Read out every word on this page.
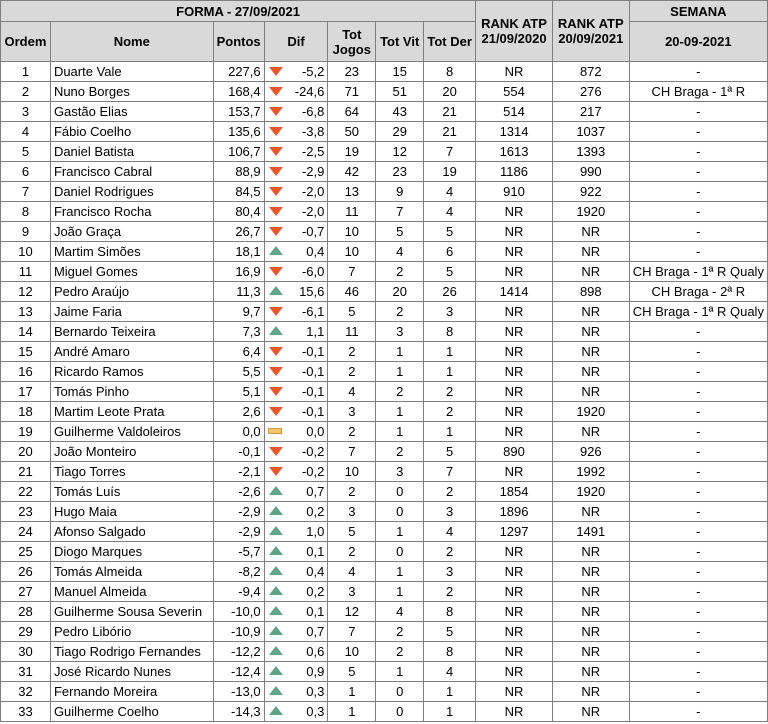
FORMA - 27/09/2021							RANK ATP 21/09/2020	RANK ATP 20/09/2021	SEMANA
Ordem	Nome	Pontos	Dif	Tot Jogos	Tot Vit	Tot Der			20-09-2021
1	Duarte Vale	227,6	-5,2	23	15	8	NR	872	-
2	Nuno Borges	168,4	-24,6	71	51	20	554	276	CH Braga - 1ª R
3	Gastão Elias	153,7	-6,8	64	43	21	514	217	-
4	Fábio Coelho	135,6	-3,8	50	29	21	1314	1037	-
5	Daniel Batista	106,7	-2,5	19	12	7	1613	1393	-
6	Francisco Cabral	88,9	-2,9	42	23	19	1186	990	-
7	Daniel Rodrigues	84,5	-2,0	13	9	4	910	922	-
8	Francisco Rocha	80,4	-2,0	11	7	4	NR	1920	-
9	João Graça	26,7	-0,7	10	5	5	NR	NR	-
10	Martim Simões	18,1	0,4	10	4	6	NR	NR	-
11	Miguel Gomes	16,9	-6,0	7	2	5	NR	NR	CH Braga - 1ª R Qualy
12	Pedro Araújo	11,3	15,6	46	20	26	1414	898	CH Braga - 2ª R
13	Jaime Faria	9,7	-6,1	5	2	3	NR	NR	CH Braga - 1ª R Qualy
14	Bernardo Teixeira	7,3	1,1	11	3	8	NR	NR	-
15	André Amaro	6,4	-0,1	2	1	1	NR	NR	-
16	Ricardo Ramos	5,5	-0,1	2	1	1	NR	NR	-
17	Tomás Pinho	5,1	-0,1	4	2	2	NR	NR	-
18	Martim Leote Prata	2,6	-0,1	3	1	2	NR	1920	-
19	Guilherme Valdoleiros	0,0	0,0	2	1	1	NR	NR	-
20	João Monteiro	-0,1	-0,2	7	2	5	890	926	-
21	Tiago Torres	-2,1	-0,2	10	3	7	NR	1992	-
22	Tomás Luís	-2,6	0,7	2	0	2	1854	1920	-
23	Hugo Maia	-2,9	0,2	3	0	3	1896	NR	-
24	Afonso Salgado	-2,9	1,0	5	1	4	1297	1491	-
25	Diogo Marques	-5,7	0,1	2	0	2	NR	NR	-
26	Tomás Almeida	-8,2	0,4	4	1	3	NR	NR	-
27	Manuel Almeida	-9,4	0,2	3	1	2	NR	NR	-
28	Guilherme Sousa Severin	-10,0	0,1	12	4	8	NR	NR	-
29	Pedro Libório	-10,9	0,7	7	2	5	NR	NR	-
30	Tiago Rodrigo Fernandes	-12,2	0,6	10	2	8	NR	NR	-
31	José Ricardo Nunes	-12,4	0,9	5	1	4	NR	NR	-
32	Fernando Moreira	-13,0	0,3	1	0	1	NR	NR	-
33	Guilherme Coelho	-14,3	0,3	1	0	1	NR	NR	-
